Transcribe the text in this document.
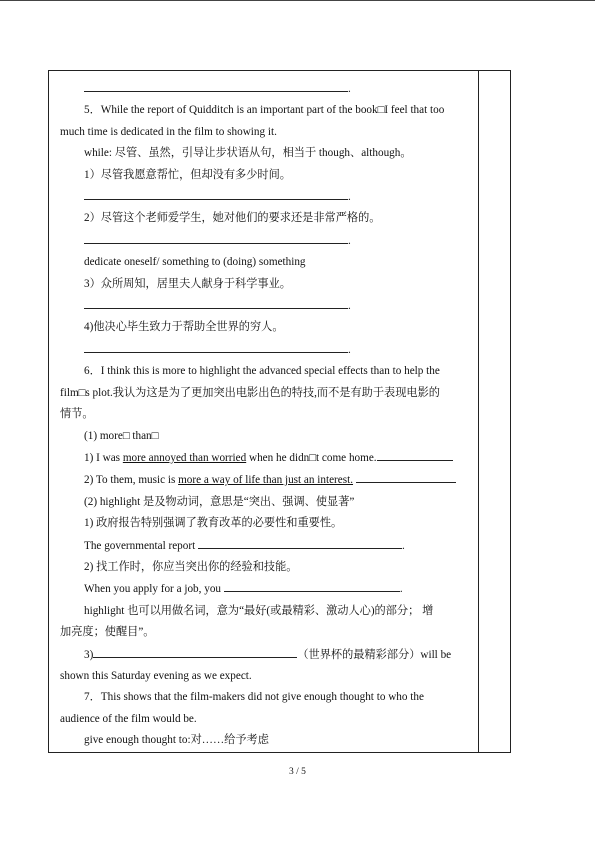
.
5．While the report of Quidditch is an important part of the book□I feel that too
much time is dedicated in the film to showing it.
while: 尽管、虽然，引导让步状语从句，相当于 though、although。
1）尽管我愿意帮忙，但却没有多少时间。
.
2）尽管这个老师爱学生，她对他们的要求还是非常严格的。
.
dedicate oneself/ something to (doing) something
3）众所周知，居里夫人献身于科学事业。
.
4)他决心毕生致力于帮助全世界的穷人。
.
6．I think this is more to highlight the advanced special effects than to help the
film□s plot.我认为这是为了更加突出电影出色的特技,而不是有助于表现电影的
情节。
(1) more□ than□
1) I was more annoyed than worried when he didn□t come home.
2) To them, music is more a way of life than just an interest.
(2) highlight 是及物动词，意思是“突出、强调、使显著”
1) 政府报告特别强调了教育改革的必要性和重要性。
The governmental report	.
2) 找工作时，你应当突出你的经验和技能。
When you apply for a job, you	.
highlight 也可以用做名词，意为“最好(或最精彩、激动人心)的部分； 增
加亮度；使醒目”。
3)	（世界杯的最精彩部分）will be
shown this Saturday evening as we expect.
7．This shows that the film-makers did not give enough thought to who the
audience of the film would be.
give enough thought to:对……给予考虑
3 / 5
